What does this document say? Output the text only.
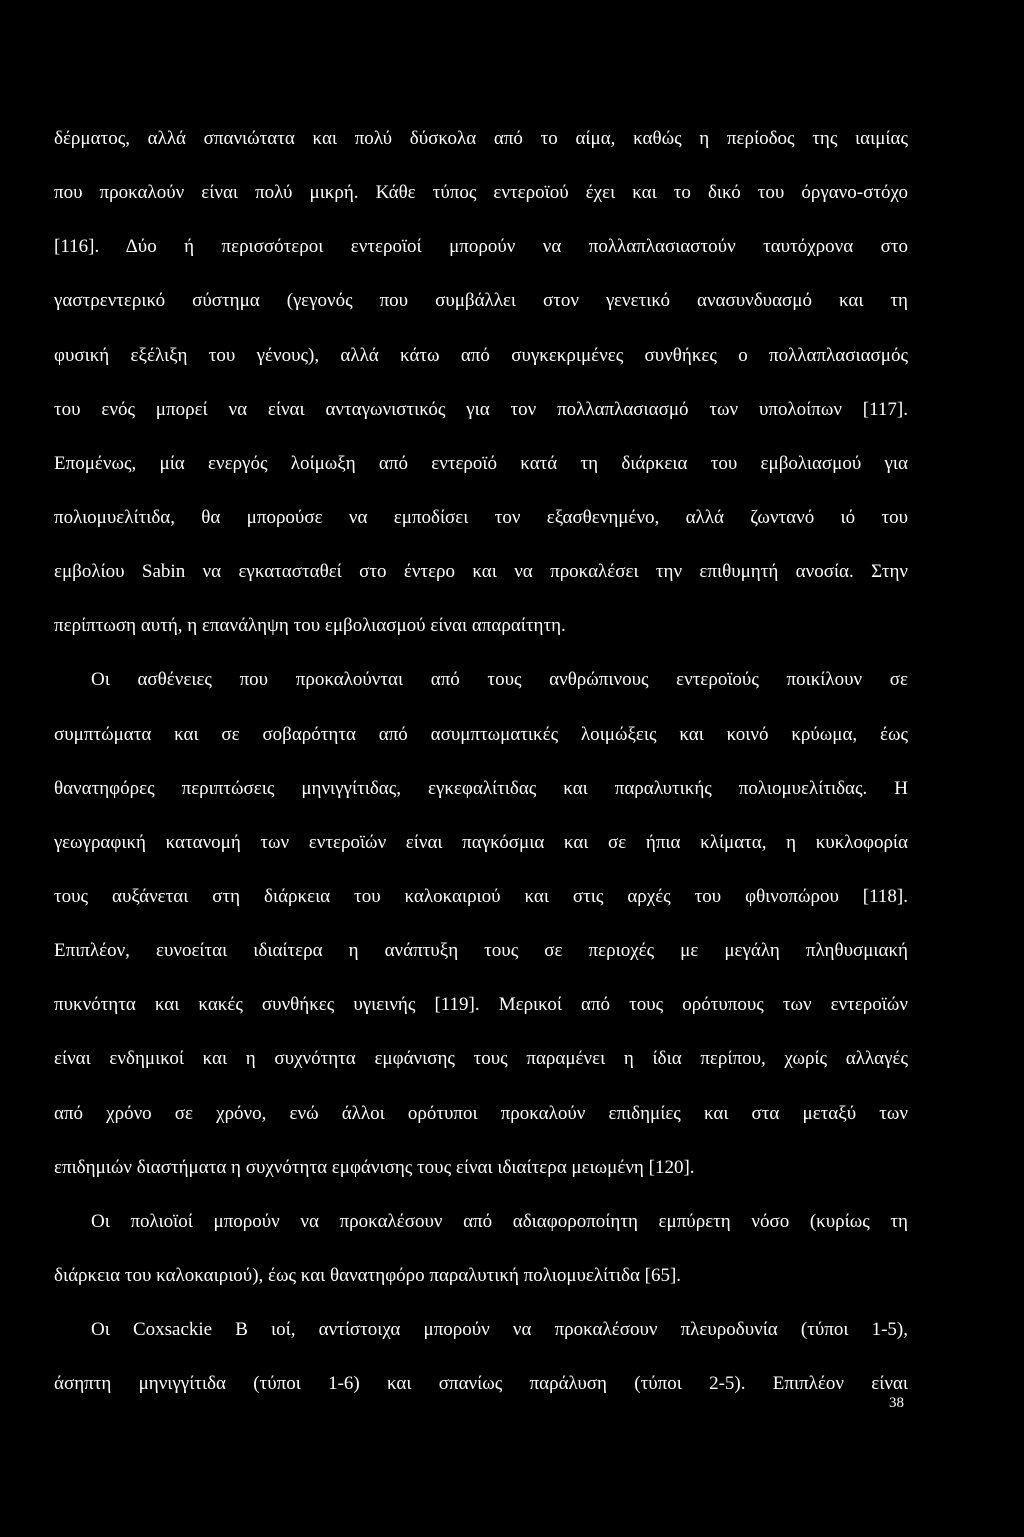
δέρματος, αλλά σπανιώτατα και πολύ δύσκολα από το αίμα, καθώς η περίοδος της ιαιμίας
που προκαλούν είναι πολύ μικρή. Κάθε τύπος εντεροϊού έχει και το δικό του όργανο-στόχο
[116]. Δύο ή περισσότεροι εντεροϊοί μπορούν να πολλαπλασιαστούν ταυτόχρονα στο
γαστρεντερικό σύστημα (γεγονός που συμβάλλει στον γενετικό ανασυνδυασμό και τη
φυσική εξέλιξη του γένους), αλλά κάτω από συγκεκριμένες συνθήκες ο πολλαπλασιασμός
του ενός μπορεί να είναι ανταγωνιστικός για τον πολλαπλασιασμό των υπολοίπων [117].
Επομένως, μία ενεργός λοίμωξη από εντεροϊό κατά τη διάρκεια του εμβολιασμού για
πολιομυελίτιδα, θα μπορούσε να εμποδίσει τον εξασθενημένο, αλλά ζωντανό ιό του
εμβολίου Sabin να εγκατασταθεί στο έντερο και να προκαλέσει την επιθυμητή ανοσία. Στην
περίπτωση αυτή, η επανάληψη του εμβολιασμού είναι απαραίτητη.
Οι ασθένειες που προκαλούνται από τους ανθρώπινους εντεροϊούς ποικίλουν σε
συμπτώματα και σε σοβαρότητα από ασυμπτωματικές λοιμώξεις και κοινό κρύωμα, έως
θανατηφόρες περιπτώσεις μηνιγγίτιδας, εγκεφαλίτιδας και παραλυτικής πολιομυελίτιδας. Η
γεωγραφική κατανομή των εντεροϊών είναι παγκόσμια και σε ήπια κλίματα, η κυκλοφορία
τους αυξάνεται στη διάρκεια του καλοκαιριού και στις αρχές του φθινοπώρου [118].
Επιπλέον, ευνοείται ιδιαίτερα η ανάπτυξη τους σε περιοχές με μεγάλη πληθυσμιακή
πυκνότητα και κακές συνθήκες υγιεινής [119]. Μερικοί από τους ορότυπους των εντεροϊών
είναι ενδημικοί και η συχνότητα εμφάνισης τους παραμένει η ίδια περίπου, χωρίς αλλαγές
από χρόνο σε χρόνο, ενώ άλλοι ορότυποι προκαλούν επιδημίες και στα μεταξύ των
επιδημιών διαστήματα η συχνότητα εμφάνισης τους είναι ιδιαίτερα μειωμένη [120].
Οι πολιοϊοί μπορούν να προκαλέσουν από αδιαφοροποίητη εμπύρετη νόσο (κυρίως τη
διάρκεια του καλοκαιριού), έως και θανατηφόρο παραλυτική πολιομυελίτιδα [65].
Οι Coxsackie B ιοί, αντίστοιχα μπορούν να προκαλέσουν πλευροδυνία (τύποι 1-5),
άσηπτη μηνιγγίτιδα (τύποι 1-6) και σπανίως παράλυση (τύποι 2-5). Επιπλέον είναι
38
